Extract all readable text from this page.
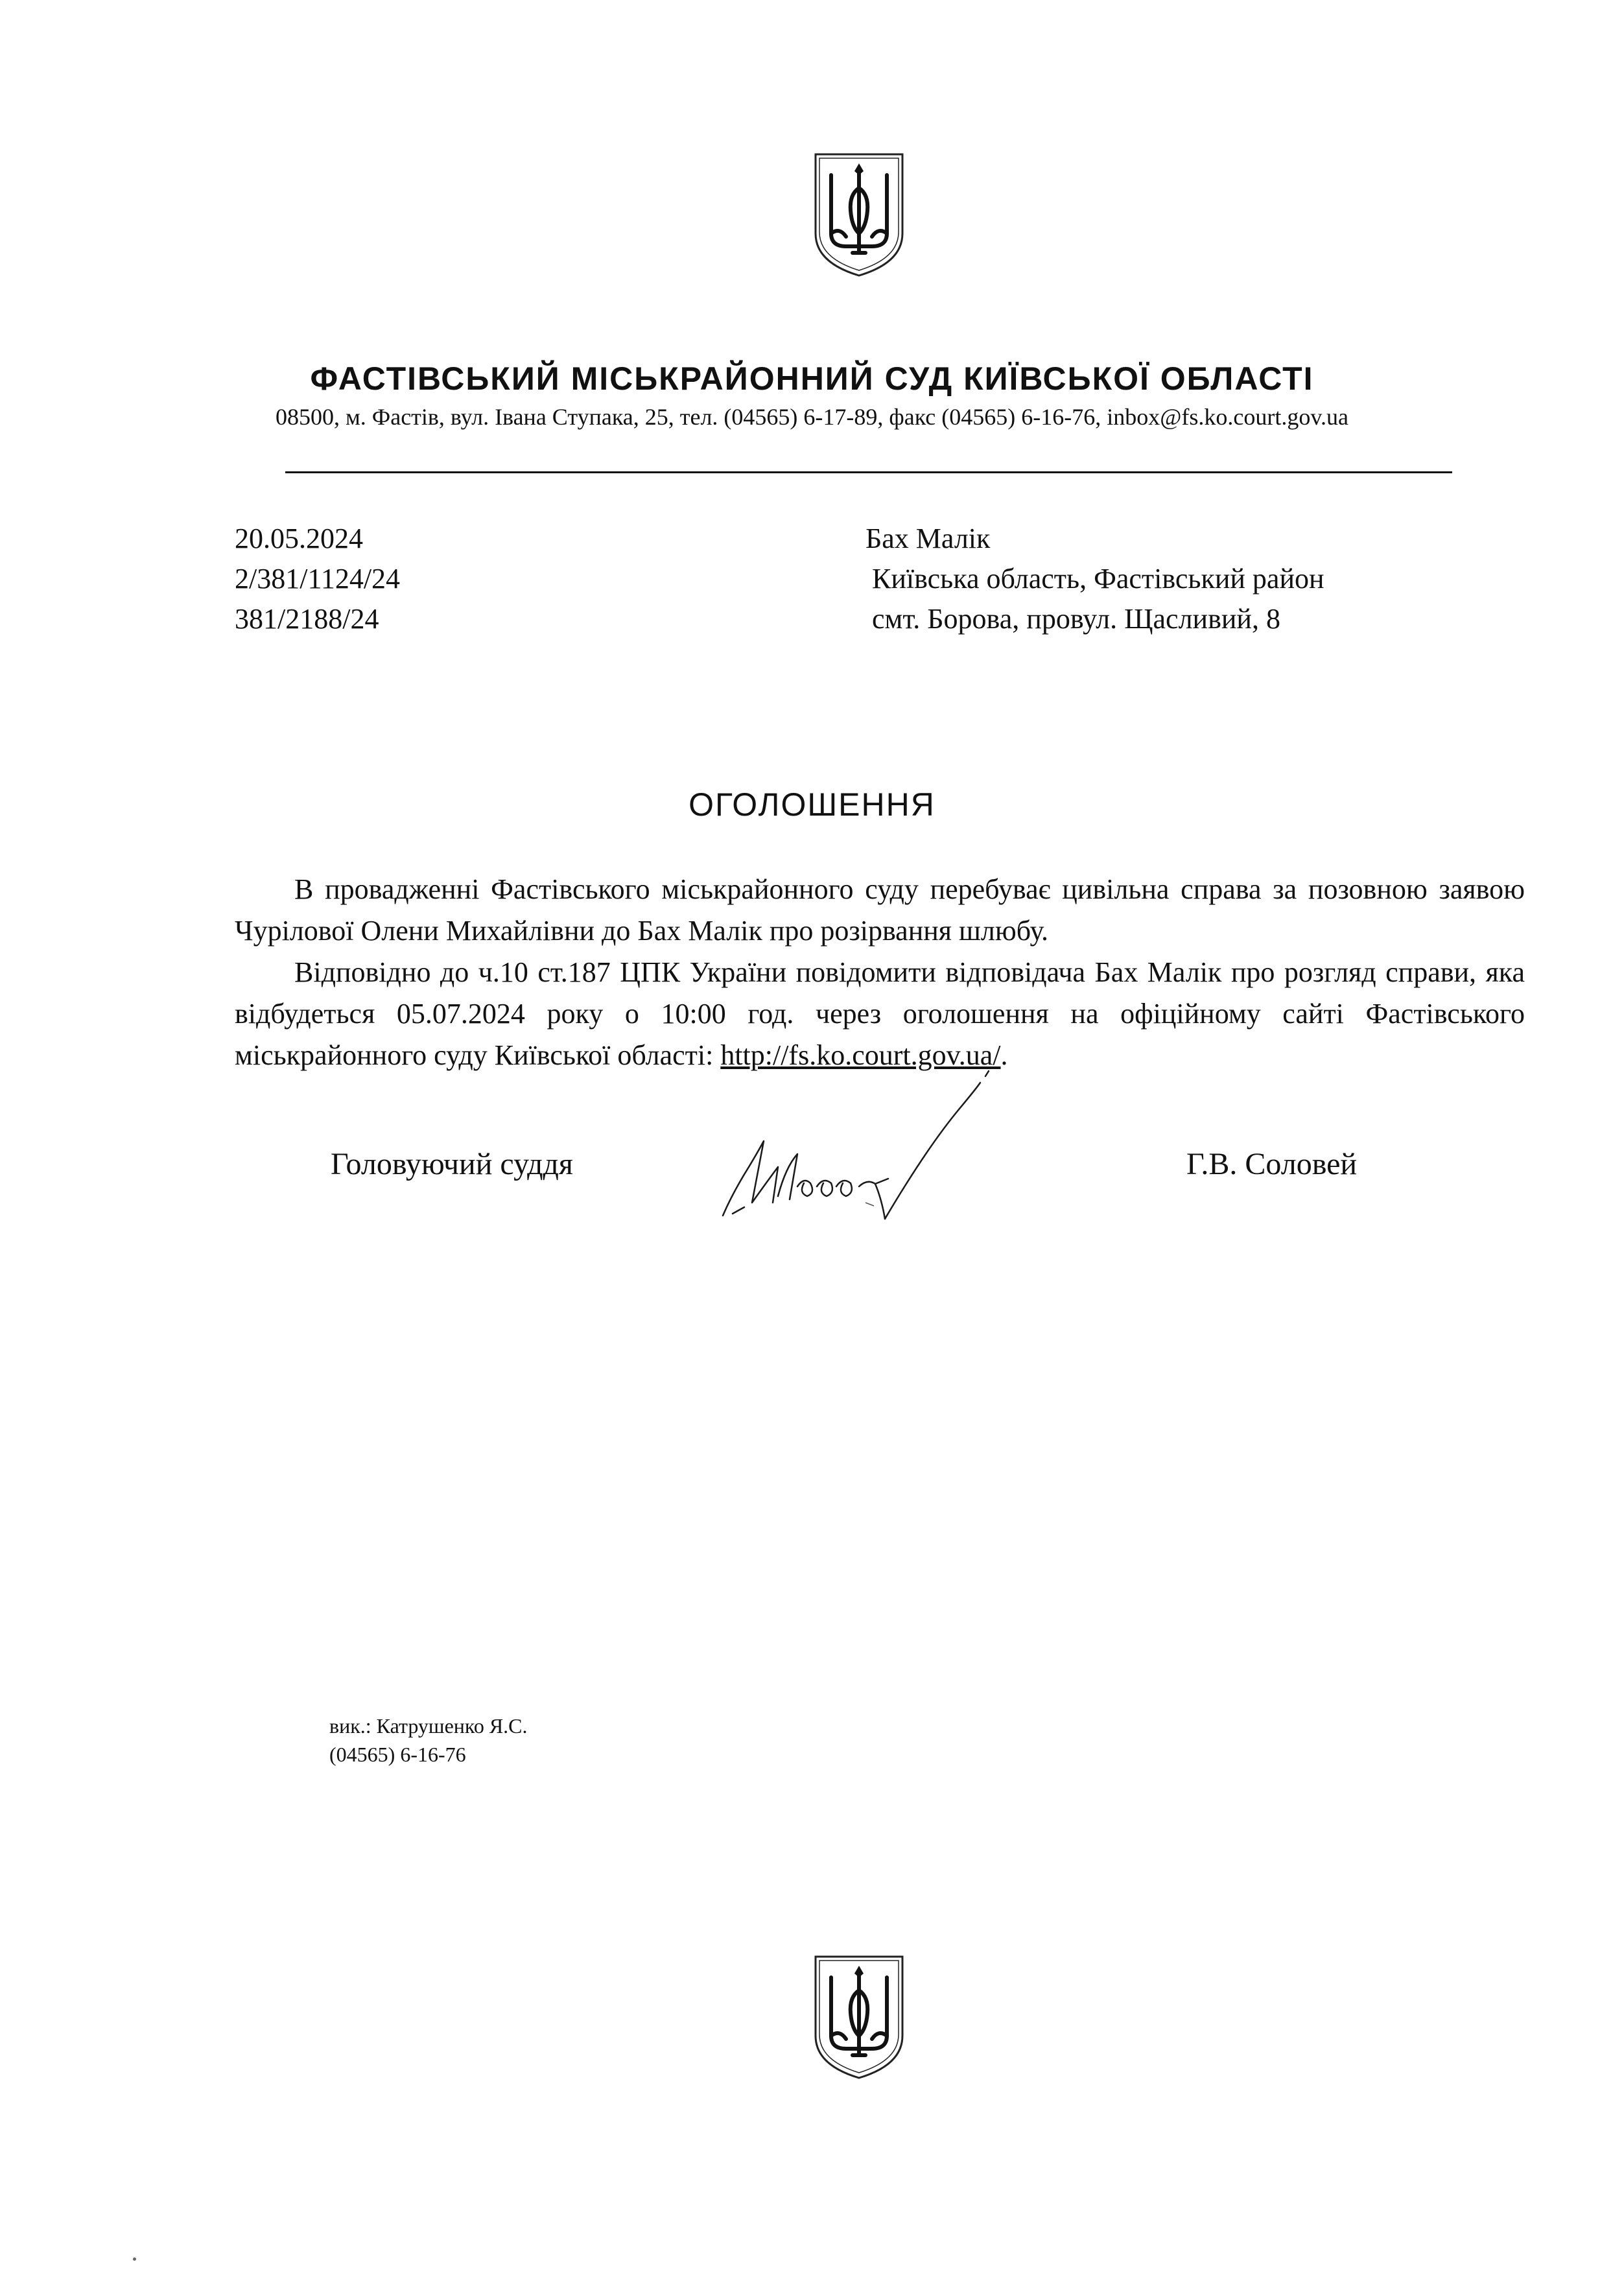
ФАСТІВСЬКИЙ МІСЬКРАЙОННИЙ СУД КИЇВСЬКОЇ ОБЛАСТІ
08500, м. Фастів, вул. Івана Ступака, 25, тел. (04565) 6-17-89, факс (04565) 6-16-76, inbox@fs.ko.court.gov.ua
20.05.2024
2/381/1124/24
381/2188/24
Бах Малік
Київська область, Фастівський район
смт. Борова, провул. Щасливий, 8
ОГОЛОШЕННЯ

В провадженні Фастівського міськрайонного суду перебуває цивільна справа за позовною заявою Чурілової Олени Михайлівни до Бах Малік про розірвання шлюбу.

Відповідно до ч.10 ст.187 ЦПК України повідомити відповідача Бах Малік про розгляд справи, яка відбудеться 05.07.2024 року о 10:00 год. через оголошення на офіційному сайті Фастівського міськрайонного суду Київської області: http://fs.ko.court.gov.ua/.

Головуючий суддя	Г.В. Соловей
вик.: Катрушенко Я.С.
(04565) 6-16-76
